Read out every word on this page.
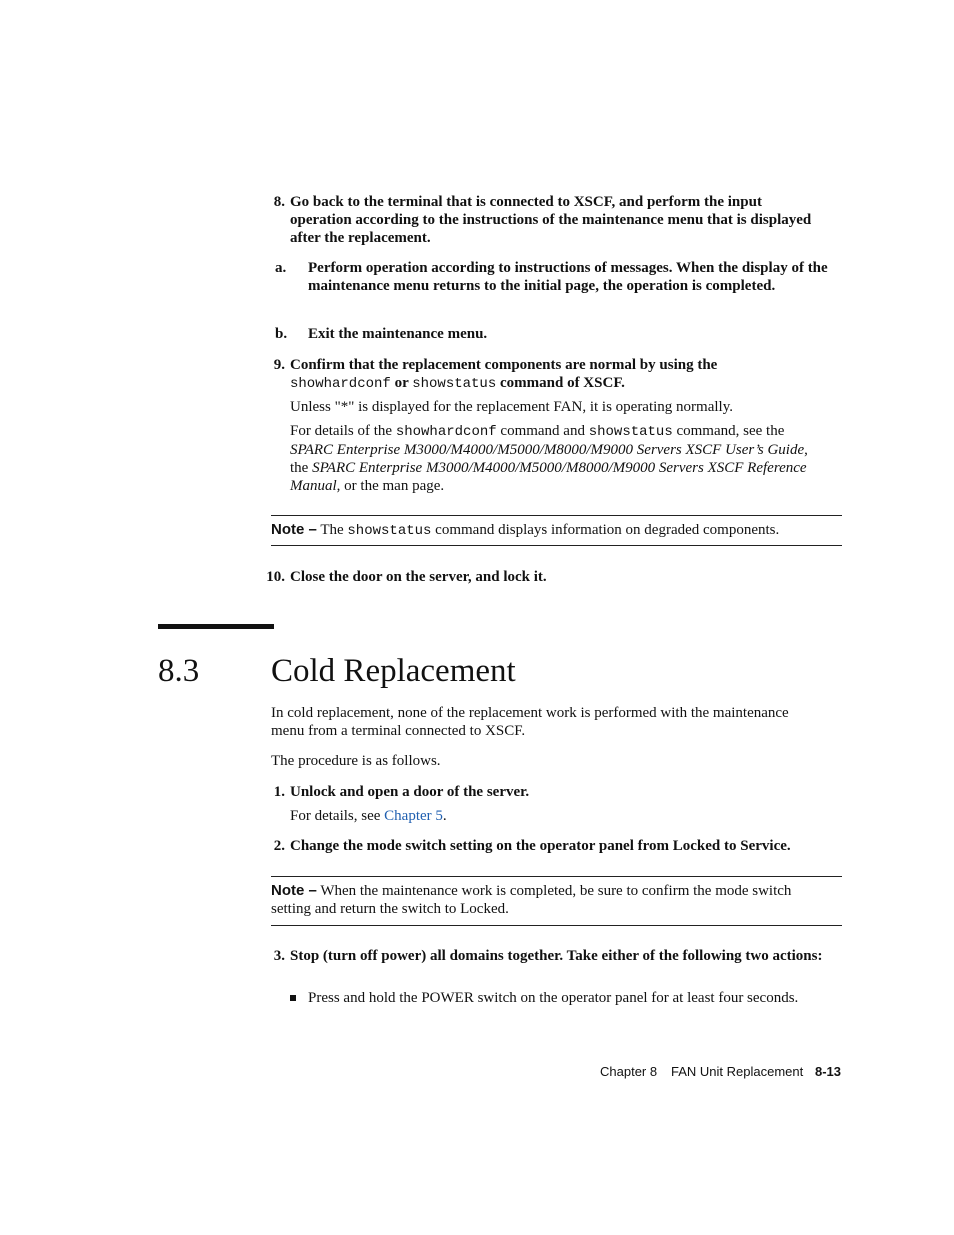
8. Go back to the terminal that is connected to XSCF, and perform the input operation according to the instructions of the maintenance menu that is displayed after the replacement.
a.	Perform operation according to instructions of messages. When the display of the maintenance menu returns to the initial page, the operation is completed.
b.	Exit the maintenance menu.
9. Confirm that the replacement components are normal by using the
showhardconf or showstatus command of XSCF.
Unless "*" is displayed for the replacement FAN, it is operating normally.
For details of the showhardconf command and showstatus command, see the
SPARC Enterprise M3000/M4000/M5000/M8000/M9000 Servers XSCF User’s Guide,
the SPARC Enterprise M3000/M4000/M5000/M8000/M9000 Servers XSCF Reference
Manual, or the man page.
Note – The showstatus command displays information on degraded components.
10. Close the door on the server, and lock it.
8.3 Cold Replacement
In cold replacement, none of the replacement work is performed with the maintenance menu from a terminal connected to XSCF.
The procedure is as follows.
1. Unlock and open a door of the server.
For details, see Chapter 5.
2. Change the mode switch setting on the operator panel from Locked to Service.
Note – When the maintenance work is completed, be sure to confirm the mode switch setting and return the switch to Locked.
3. Stop (turn off power) all domains together. Take either of the following two actions:
Press and hold the POWER switch on the operator panel for at least four seconds.
Chapter 8 FAN Unit Replacement 8-13
